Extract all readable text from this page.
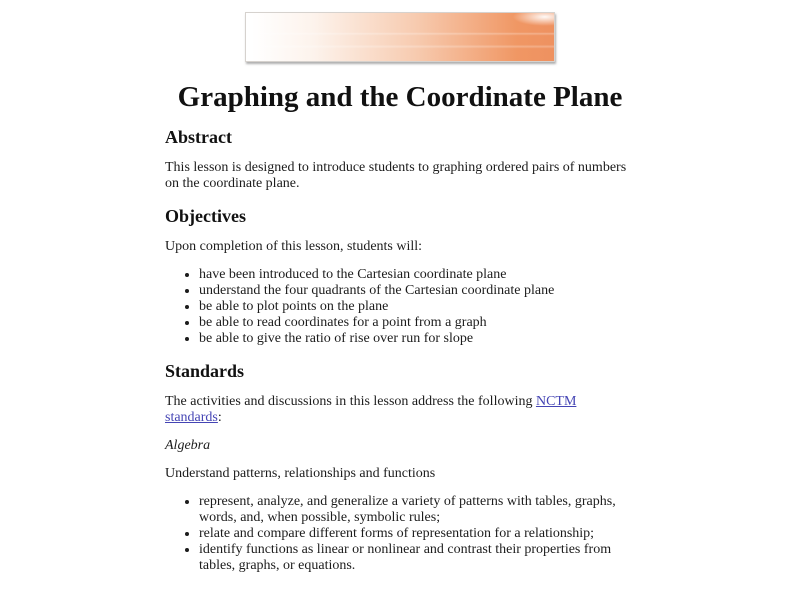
Graphing and the Coordinate Plane
Abstract

This lesson is designed to introduce students to graphing ordered pairs of numbers on the coordinate plane.

Objectives

Upon completion of this lesson, students will:

• have been introduced to the Cartesian coordinate plane
• understand the four quadrants of the Cartesian coordinate plane
• be able to plot points on the plane
• be able to read coordinates for a point from a graph
• be able to give the ratio of rise over run for slope
Standards

The activities and discussions in this lesson address the following NCTM standards:

Algebra

Understand patterns, relationships and functions

• represent, analyze, and generalize a variety of patterns with tables, graphs, words, and, when possible, symbolic rules;
• relate and compare different forms of representation for a relationship;
• identify functions as linear or nonlinear and contrast their properties from tables, graphs, or equations.
